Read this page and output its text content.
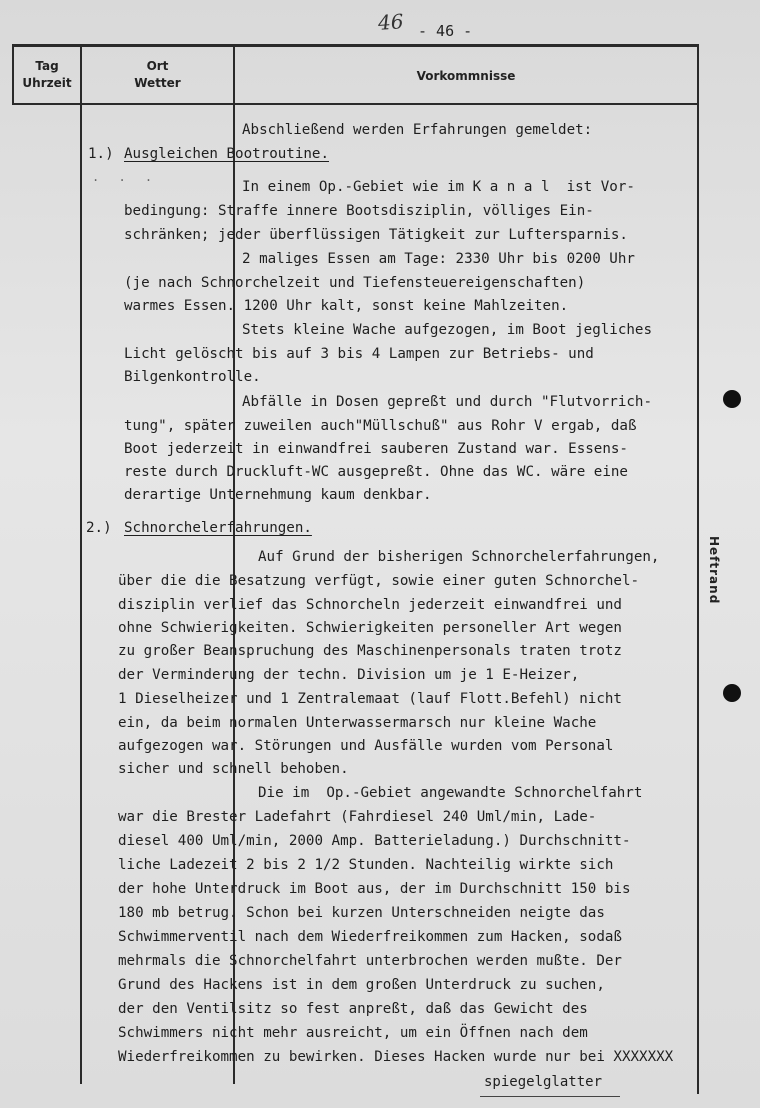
46 - 46 -
Tag
Uhrzeit
Ort
Wetter	Vorkommnisse
1.) Ausgleichen Bootroutine.
. . .
2.) Schnorchelerfahrungen.
Abschließend werden Erfahrungen gemeldet:
In einem Op.-Gebiet wie im K a n a l  ist Vor-
bedingung: Straffe innere Bootsdisziplin, völliges Ein-
schränken; jeder überflüssigen Tätigkeit zur Luftersparnis.
2 maliges Essen am Tage: 2330 Uhr bis 0200 Uhr
(je nach Schnorchelzeit und Tiefensteuereigenschaften)
warmes Essen. 1200 Uhr kalt, sonst keine Mahlzeiten.
Stets kleine Wache aufgezogen, im Boot jegliches
Licht gelöscht bis auf 3 bis 4 Lampen zur Betriebs- und
Bilgenkontrolle.
Abfälle in Dosen gepreßt und durch "Flutvorrich-
tung", später zuweilen auch"Müllschuß" aus Rohr V ergab, daß
Boot jederzeit in einwandfrei sauberen Zustand war. Essens-
reste durch Druckluft-WC ausgepreßt. Ohne das WC. wäre eine
derartige Unternehmung kaum denkbar.
Auf Grund der bisherigen Schnorchelerfahrungen,
über die die Besatzung verfügt, sowie einer guten Schnorchel-
disziplin verlief das Schnorcheln jederzeit einwandfrei und
ohne Schwierigkeiten. Schwierigkeiten personeller Art wegen
zu großer Beanspruchung des Maschinenpersonals traten trotz
der Verminderung der techn. Division um je 1 E-Heizer,
1 Dieselheizer und 1 Zentralemaat (lauf Flott.Befehl) nicht
ein, da beim normalen Unterwassermarsch nur kleine Wache
aufgezogen war. Störungen und Ausfälle wurden vom Personal
sicher und schnell behoben.
Die im  Op.-Gebiet angewandte Schnorchelfahrt
war die Brester Ladefahrt (Fahrdiesel 240 Uml/min, Lade-
diesel 400 Uml/min, 2000 Amp. Batterieladung.) Durchschnitt-
liche Ladezeit 2 bis 2 1/2 Stunden. Nachteilig wirkte sich
der hohe Unterdruck im Boot aus, der im Durchschnitt 150 bis
180 mb betrug. Schon bei kurzen Unterschneiden neigte das
Schwimmerventil nach dem Wiederfreikommen zum Hacken, sodaß
mehrmals die Schnorchelfahrt unterbrochen werden mußte. Der
Grund des Hackens ist in dem großen Unterdruck zu suchen,
der den Ventilsitz so fest anpreßt, daß das Gewicht des
Schwimmers nicht mehr ausreicht, um ein Öffnen nach dem
Wiederfreikommen zu bewirken. Dieses Hacken wurde nur bei XXXXXXX
spiegelglatter
Heftrand
